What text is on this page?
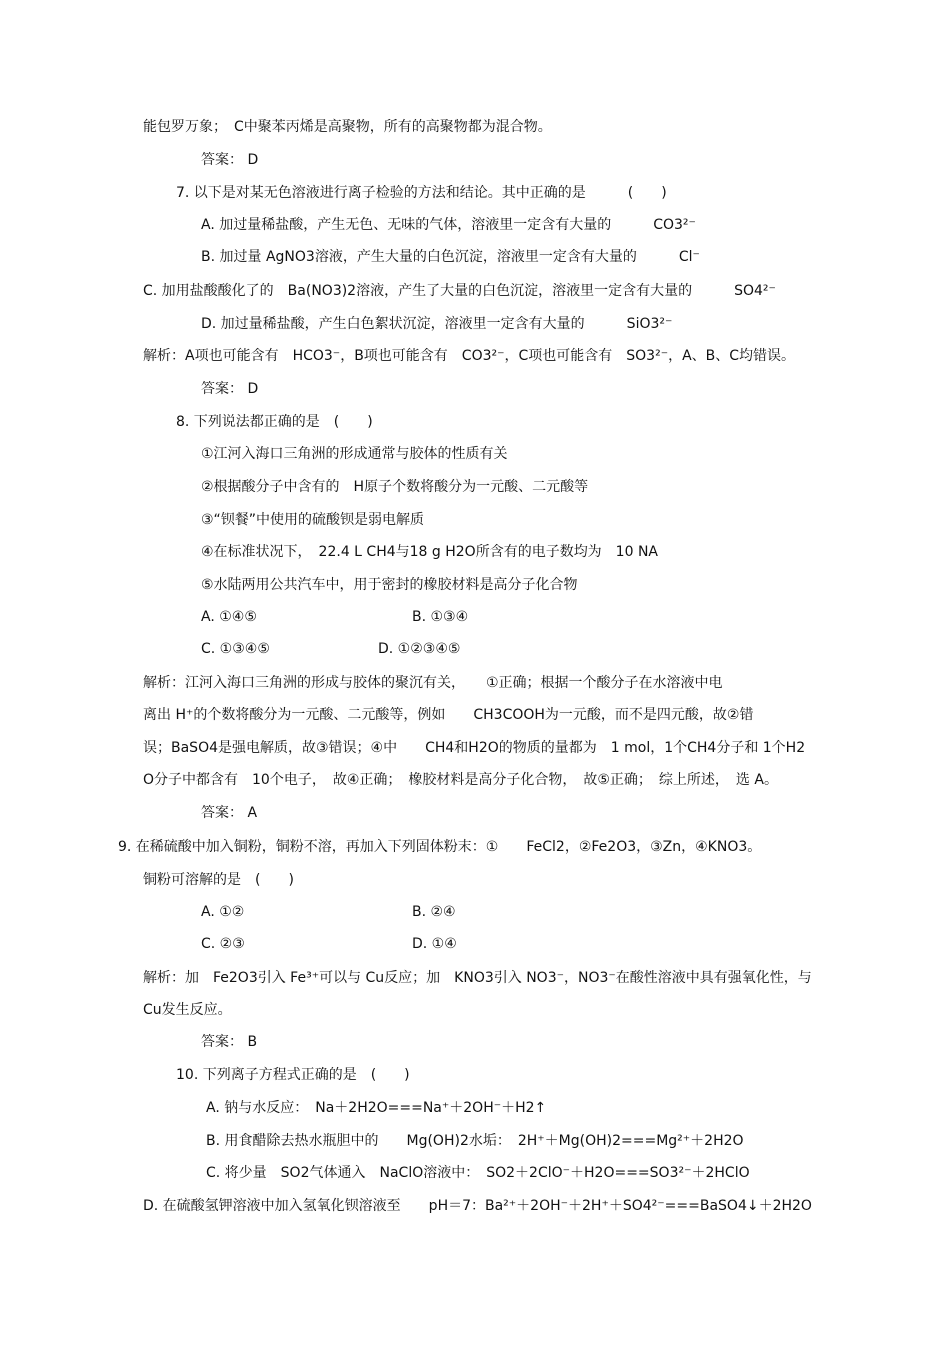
能包罗万象；　C中聚苯丙烯是高聚物，所有的高聚物都为混合物。
答案： D
7. 以下是对某无色溶液进行离子检验的方法和结论。其中正确的是　　　(　　)
A. 加过量稀盐酸，产生无色、无味的气体，溶液里一定含有大量的　　　CO3²⁻
B. 加过量 AgNO3溶液，产生大量的白色沉淀，溶液里一定含有大量的　　　Cl⁻
C. 加用盐酸酸化了的　Ba(NO3)2溶液，产生了大量的白色沉淀，溶液里一定含有大量的　　　SO4²⁻
D. 加过量稀盐酸，产生白色絮状沉淀，溶液里一定含有大量的　　　SiO3²⁻
解析：A项也可能含有　HCO3⁻，B项也可能含有　CO3²⁻，C项也可能含有　SO3²⁻，A、B、C均错误。
答案： D
8. 下列说法都正确的是　(　　)
①江河入海口三角洲的形成通常与胶体的性质有关
②根据酸分子中含有的　H原子个数将酸分为一元酸、二元酸等
③“钡餐”中使用的硫酸钡是弱电解质
④在标准状况下，　22.4 L CH4与18 g H2O所含有的电子数均为　10 NA
⑤水陆两用公共汽车中，用于密封的橡胶材料是高分子化合物
A. ①④⑤	B. ①③④
C. ①③④⑤	D. ①②③④⑤
解析：江河入海口三角洲的形成与胶体的聚沉有关，　　①正确；根据一个酸分子在水溶液中电
离出 H⁺的个数将酸分为一元酸、二元酸等，例如　　CH3COOH为一元酸，而不是四元酸，故②错
误；BaSO4是强电解质，故③错误；④中　　CH4和H2O的物质的量都为　1 mol，1个CH4分子和 1个H2
O分子中都含有　10个电子，　故④正确；　橡胶材料是高分子化合物，　故⑤正确；　综上所述，　选 A。
答案： A
9. 在稀硫酸中加入铜粉，铜粉不溶，再加入下列固体粉末：①　　FeCl2，②Fe2O3，③Zn，④KNO3。
铜粉可溶解的是　(　　)
A. ①②	B. ②④
C. ②③	D. ①④
解析：加　Fe2O3引入 Fe³⁺可以与 Cu反应；加　KNO3引入 NO3⁻，NO3⁻在酸性溶液中具有强氧化性，与
Cu发生反应。
答案： B
10. 下列离子方程式正确的是　(　　)
A. 钠与水反应：　Na＋2H2O===Na⁺＋2OH⁻＋H2↑
B. 用食醋除去热水瓶胆中的　　Mg(OH)2水垢：　2H⁺＋Mg(OH)2===Mg²⁺＋2H2O
C. 将少量　SO2气体通入　NaClO溶液中：　SO2＋2ClO⁻＋H2O===SO3²⁻＋2HClO
D. 在硫酸氢钾溶液中加入氢氧化钡溶液至　　pH＝7：Ba²⁺＋2OH⁻＋2H⁺＋SO4²⁻===BaSO4↓＋2H2O
